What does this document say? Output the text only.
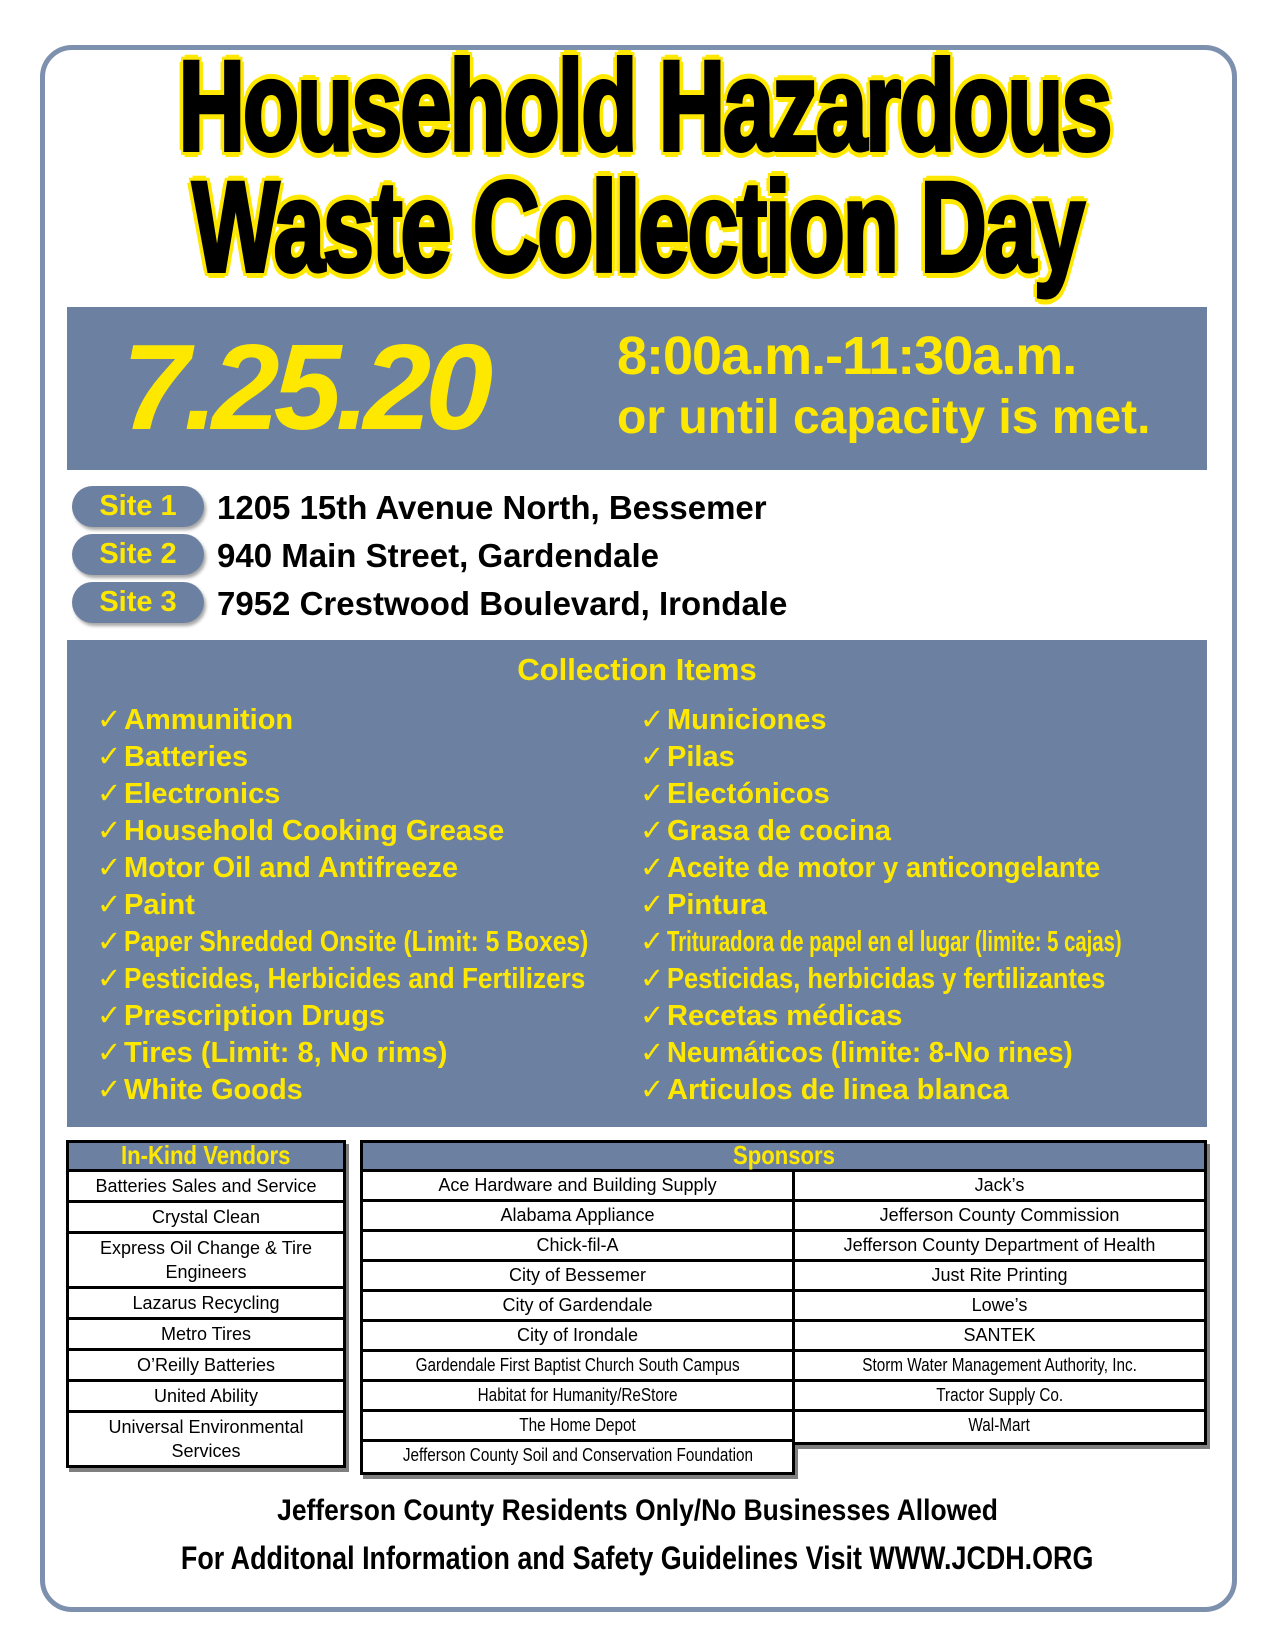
Household Hazardous
Waste Collection Day
7.25.20 8:00a.m.-11:30a.m.
or until capacity is met.
Site 1	1205 15th Avenue North, Bessemer
Site 2	940 Main Street, Gardendale
Site 3	7952 Crestwood Boulevard, Irondale
Collection Items
✓Ammunition
✓Batteries
✓Electronics
✓Household Cooking Grease
✓Motor Oil and Antifreeze
✓Paint
✓Paper Shredded Onsite (Limit: 5 Boxes)
✓Pesticides, Herbicides and Fertilizers
✓Prescription Drugs
✓Tires (Limit: 8, No rims)
✓White Goods
✓Municiones
✓Pilas
✓Electónicos
✓Grasa de cocina
✓Aceite de motor y anticongelante
✓Pintura
✓Trituradora de papel en el lugar (limite: 5 cajas)
✓Pesticidas, herbicidas y fertilizantes
✓Recetas médicas
✓Neumáticos (limite: 8-No rines)
✓Articulos de linea blanca
In-Kind Vendors
Batteries Sales and Service
Crystal Clean
Express Oil Change & Tire Engineers
Lazarus Recycling
Metro Tires
O’Reilly Batteries
United Ability
Universal Environmental Services
Sponsors
Ace Hardware and Building Supply
Alabama Appliance
Chick-fil-A
City of Bessemer
City of Gardendale
City of Irondale
Gardendale First Baptist Church South Campus
Habitat for Humanity/ReStore
The Home Depot
Jefferson County Soil and Conservation Foundation
Jack’s
Jefferson County Commission
Jefferson County Department of Health
Just Rite Printing
Lowe’s
SANTEK
Storm Water Management Authority, Inc.
Tractor Supply Co.
Wal-Mart
Jefferson County Residents Only/No Businesses Allowed
For Additonal Information and Safety Guidelines Visit WWW.JCDH.ORG
